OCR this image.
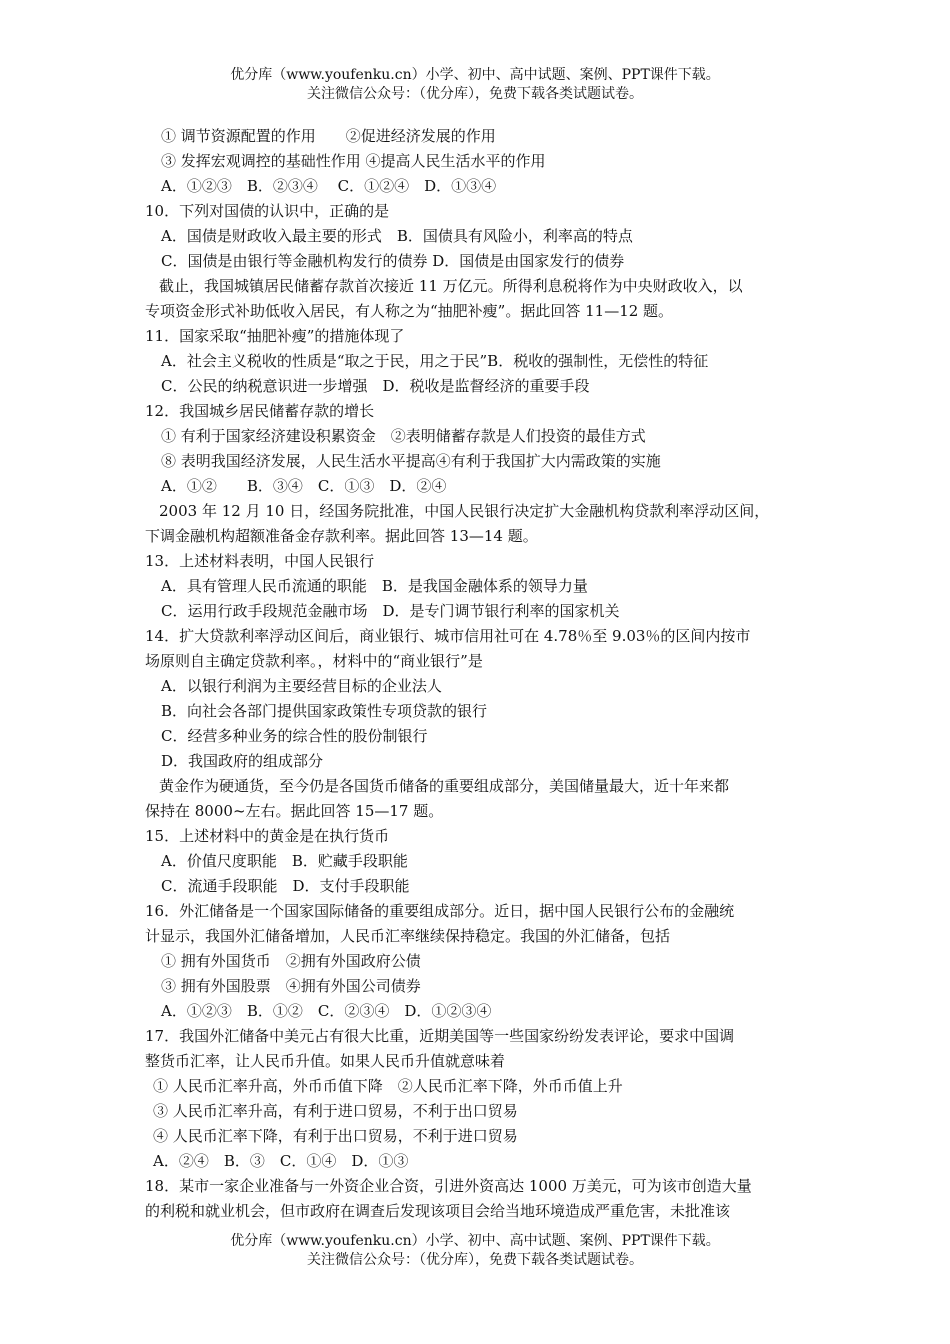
优分库（www.youfenku.cn）小学、初中、高中试题、案例、PPT课件下载。
关注微信公众号：（优分库），免费下载各类试题试卷。
① 调节资源配置的作用　　②促进经济发展的作用
③ 发挥宏观调控的基础性作用 ④提高人民生活水平的作用
A．①②③　B．②③④　 C．①②④　D．①③④
10．下列对国债的认识中，正确的是
A．国债是财政收入最主要的形式　B．国债具有风险小，利率高的特点
C．国债是由银行等金融机构发行的债券 D．国债是由国家发行的债券
截止，我国城镇居民储蓄存款首次接近 11 万亿元。所得利息税将作为中央财政收入，以
专项资金形式补助低收入居民，有人称之为“抽肥补瘦”。据此回答 11—12 题。
11．国家采取“抽肥补瘦”的措施体现了
A．社会主义税收的性质是“取之于民，用之于民”B．税收的强制性，无偿性的特征
C．公民的纳税意识进一步增强　D．税收是监督经济的重要手段
12．我国城乡居民储蓄存款的增长
① 有利于国家经济建设积累资金　②表明储蓄存款是人们投资的最佳方式
⑧ 表明我国经济发展，人民生活水平提高④有利于我国扩大内需政策的实施
A．①②　　B．③④　C．①③　D．②④
2003 年 12 月 10 日，经国务院批准，中国人民银行决定扩大金融机构贷款利率浮动区间，
下调金融机构超额准备金存款利率。据此回答 13—14 题。
13．上述材料表明，中国人民银行
A．具有管理人民币流通的职能　B．是我国金融体系的领导力量
C．运用行政手段规范金融市场　D．是专门调节银行利率的国家机关
14．扩大贷款利率浮动区间后，商业银行、城市信用社可在 4.78％至 9.03％的区间内按市
场原则自主确定贷款利率。，材料中的“商业银行”是
A．以银行利润为主要经营目标的企业法人
B．向社会各部门提供国家政策性专项贷款的银行
C．经营多种业务的综合性的股份制银行
D．我国政府的组成部分
黄金作为硬通货，至今仍是各国货币储备的重要组成部分，美国储量最大，近十年来都
保持在 8000~左右。据此回答 15—17 题。
15．上述材料中的黄金是在执行货币
A．价值尺度职能　B．贮藏手段职能
C．流通手段职能　D．支付手段职能
16．外汇储备是一个国家国际储备的重要组成部分。近日，据中国人民银行公布的金融统
计显示，我国外汇储备增加，人民币汇率继续保持稳定。我国的外汇储备，包括
① 拥有外国货币　②拥有外国政府公债
③ 拥有外国股票　④拥有外国公司债券
A．①②③　B．①②　C．②③④　D．①②③④
17．我国外汇储备中美元占有很大比重，近期美国等一些国家纷纷发表评论，要求中国调
整货币汇率，让人民币升值。如果人民币升值就意味着
① 人民币汇率升高，外币币值下降　②人民币汇率下降，外币币值上升
③ 人民币汇率升高，有利于进口贸易，不利于出口贸易
④ 人民币汇率下降，有利于出口贸易，不利于进口贸易
A．②④　B．③　C．①④　D．①③
18．某市一家企业准备与一外资企业合资，引进外资高达 1000 万美元，可为该市创造大量
的利税和就业机会，但市政府在调查后发现该项目会给当地环境造成严重危害，未批准该
优分库（www.youfenku.cn）小学、初中、高中试题、案例、PPT课件下载。
关注微信公众号：（优分库），免费下载各类试题试卷。
